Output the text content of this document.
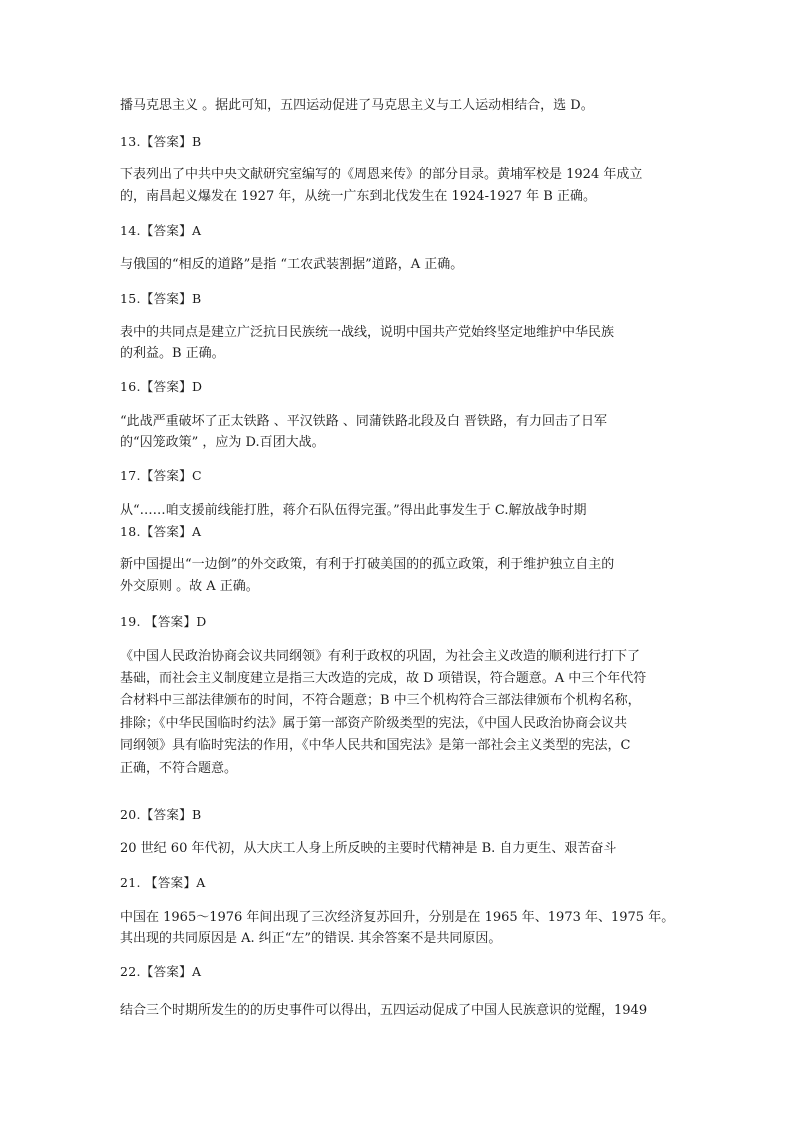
播马克思主义 。据此可知，五四运动促进了马克思主义与工人运动相结合，选 D。
13.【答案】B
下表列出了中共中央文献研究室编写的《周恩来传》的部分目录。黄埔军校是 1924 年成立
的，南昌起义爆发在 1927 年，从统一广东到北伐发生在 1924-1927 年 B 正确。
14.【答案】A
与俄国的“相反的道路”是指 “工农武装割据”道路，A 正确。
15.【答案】B
表中的共同点是建立广泛抗日民族统一战线，说明中国共产党始终坚定地维护中华民族
的利益。B 正确。
16.【答案】D
“此战严重破坏了正太铁路 、平汉铁路 、同蒲铁路北段及白 晋铁路，有力回击了日军
的“囚笼政策” ，应为 D.百团大战。
17.【答案】C
从“……咱支援前线能打胜，蒋介石队伍得完蛋。”得出此事发生于 C.解放战争时期
18.【答案】A
新中国提出“一边倒”的外交政策，有利于打破美国的的孤立政策，利于维护独立自主的
外交原则 。故 A 正确。
19. 【答案】D
《中国人民政治协商会议共同纲领》有利于政权的巩固，为社会主义改造的顺利进行打下了
基础，而社会主义制度建立是指三大改造的完成，故 D 项错误，符合题意。A 中三个年代符
合材料中三部法律颁布的时间，不符合题意；B 中三个机构符合三部法律颁布个机构名称，
排除；《中华民国临时约法》属于第一部资产阶级类型的宪法，《中国人民政治协商会议共
同纲领》具有临时宪法的作用，《中华人民共和国宪法》是第一部社会主义类型的宪法，C
正确，不符合题意。
20.【答案】B
20 世纪 60 年代初，从大庆工人身上所反映的主要时代精神是 B. 自力更生、艰苦奋斗
21. 【答案】A
中国在 1965～1976 年间出现了三次经济复苏回升，分别是在 1965 年、1973 年、1975 年。
其出现的共同原因是 A. 纠正“左”的错误. 其余答案不是共同原因。
22.【答案】A
结合三个时期所发生的的历史事件可以得出，五四运动促成了中国人民族意识的觉醒，1949
